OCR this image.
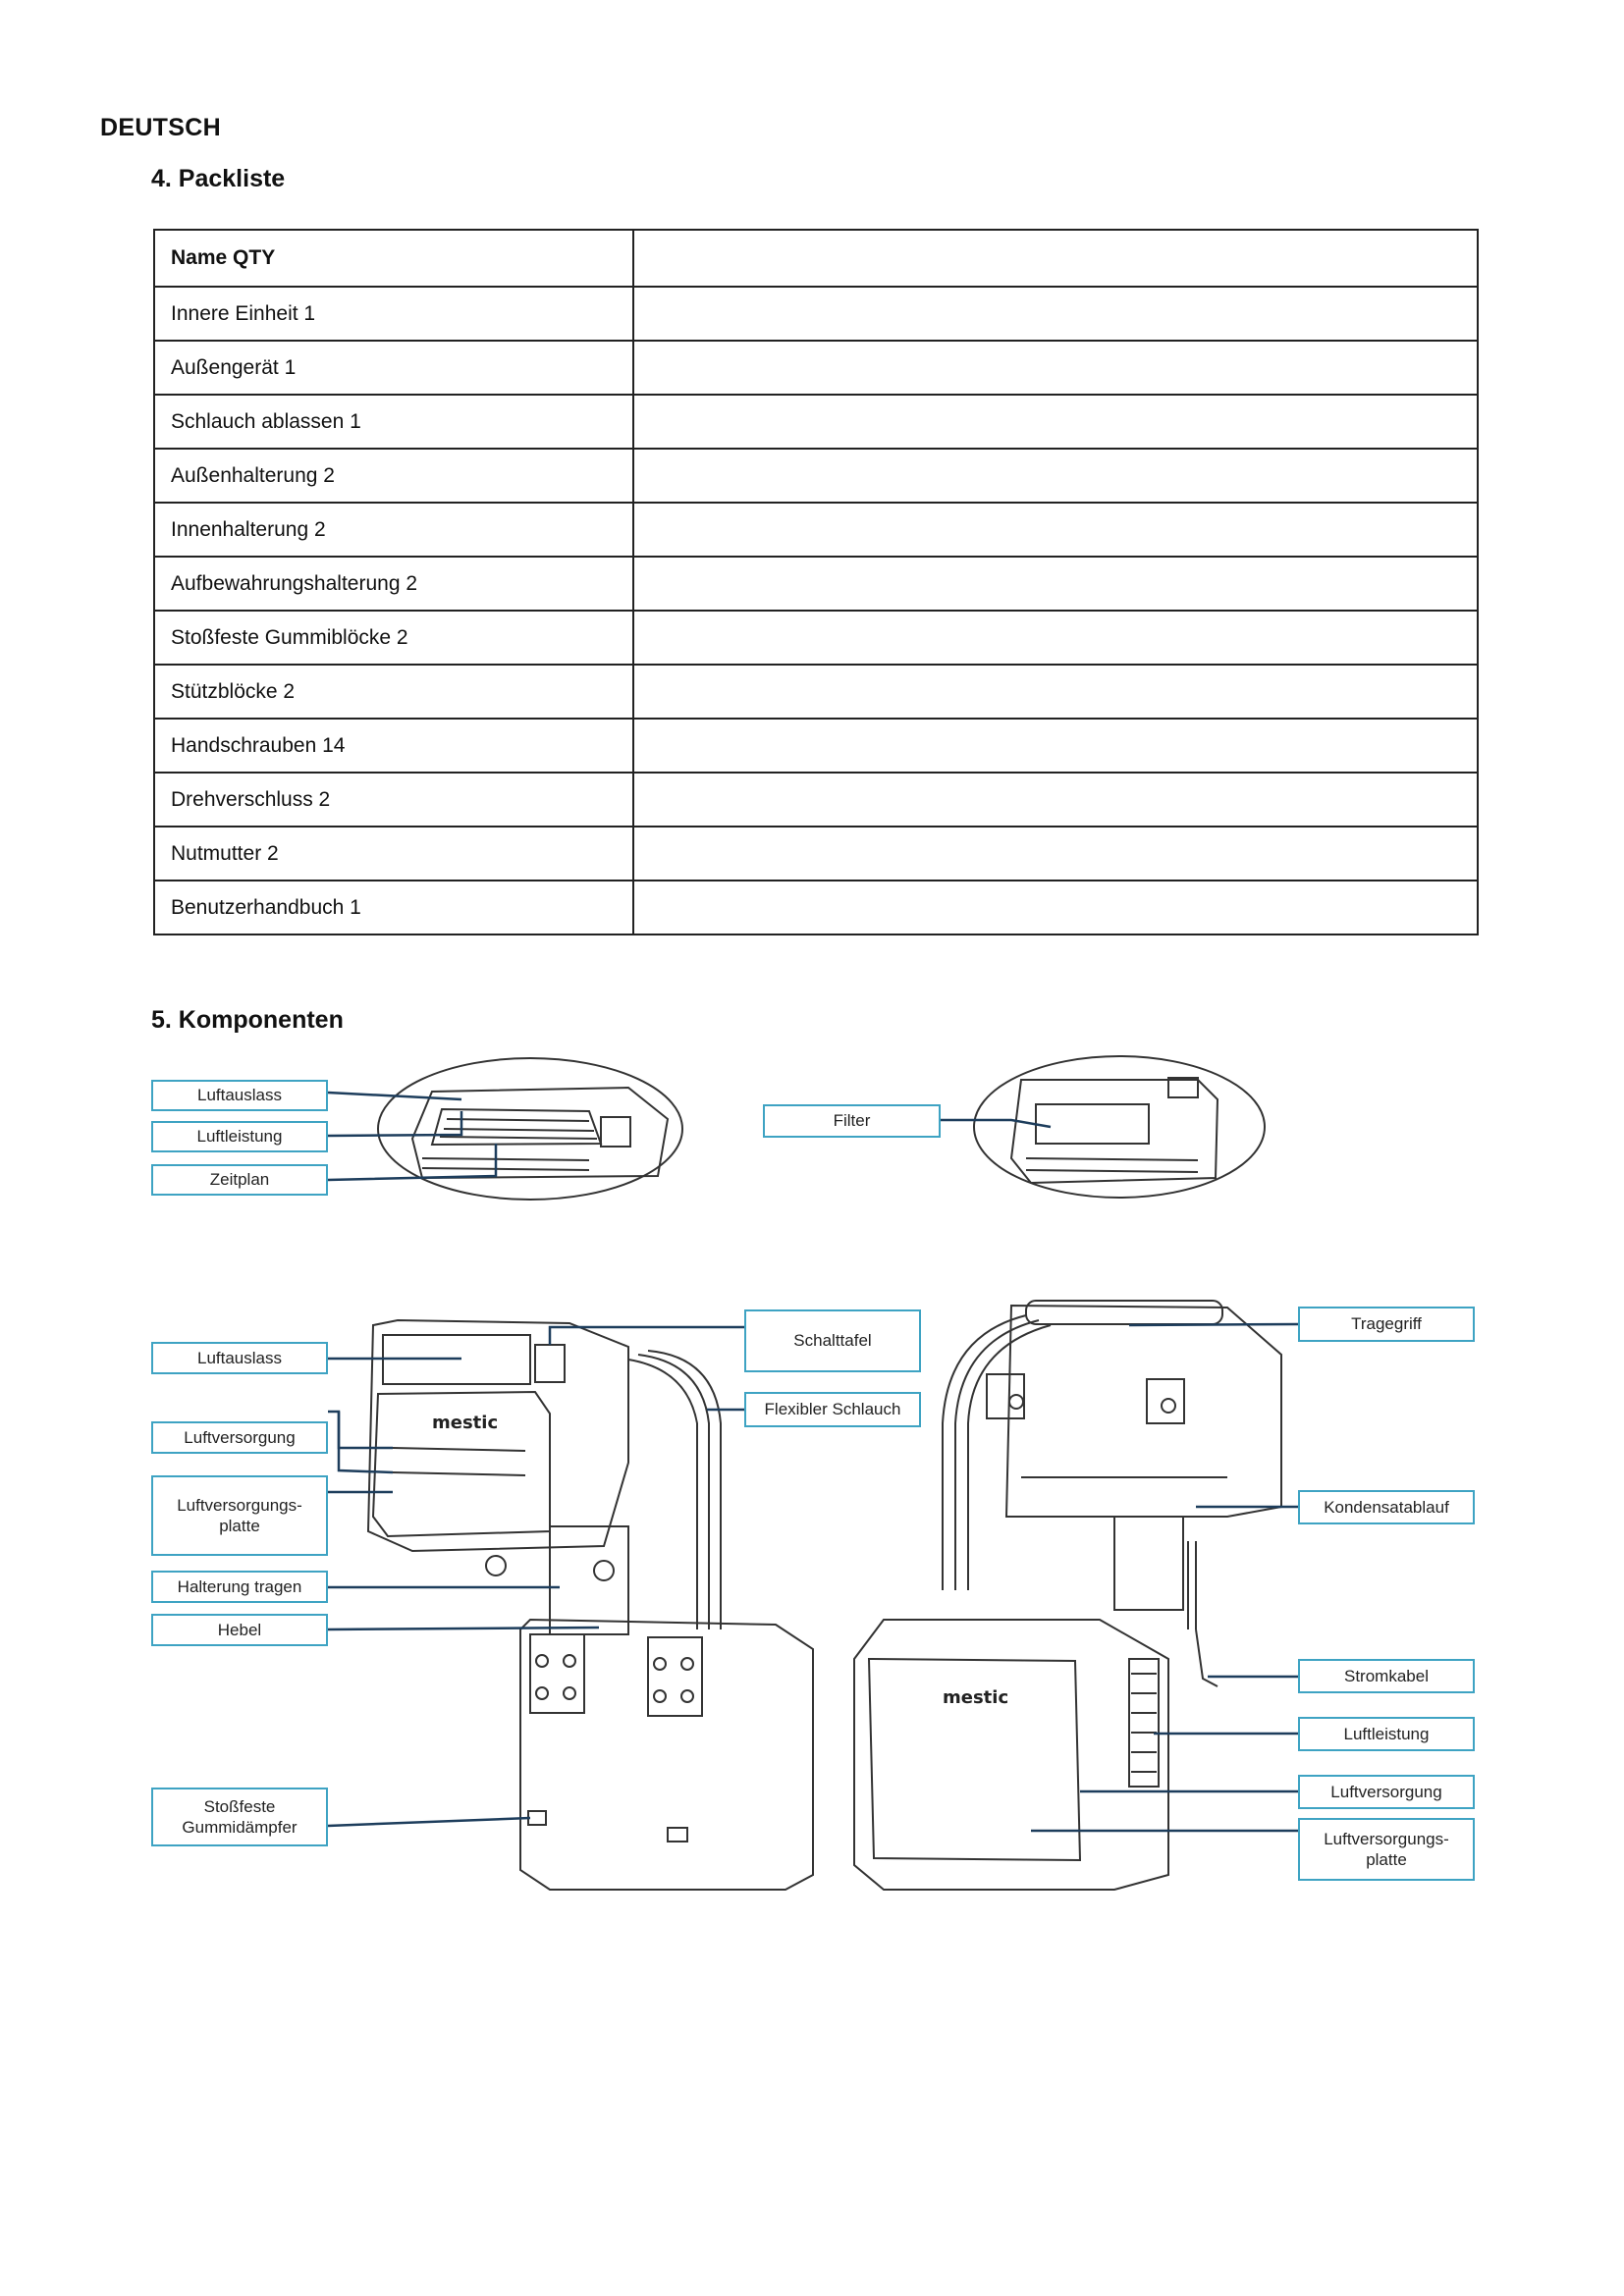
DEUTSCH
4. Packliste
Name QTY	
Innere Einheit 1	
Außengerät 1	
Schlauch ablassen 1	
Außenhalterung 2	
Innenhalterung 2	
Aufbewahrungshalterung 2	
Stoßfeste Gummiblöcke 2	
Stützblöcke 2	
Handschrauben 14	
Drehverschluss 2	
Nutmutter 2	
Benutzerhandbuch 1	
5. Komponenten
mestic
mestic
Luftauslass
Luftleistung
Zeitplan
Filter
Luftauslass
Luftversorgung
Luftversorgungs-
platte
Halterung tragen
Hebel
Stoßfeste
Gummidämpfer
Schalttafel
Flexibler Schlauch
Tragegriff
Kondensatablauf
Stromkabel
Luftleistung
Luftversorgung
Luftversorgungs-
platte
